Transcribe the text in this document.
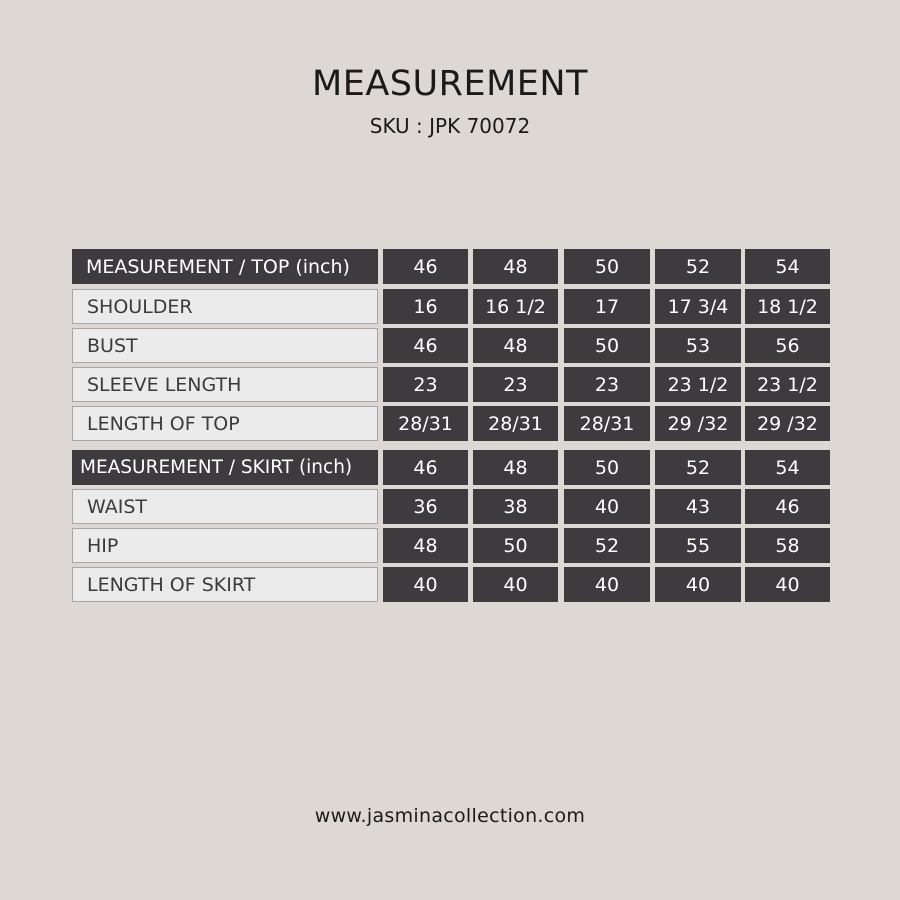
MEASUREMENT
SKU : JPK 70072
MEASUREMENT / TOP (inch)	46	48	50	52	54
SHOULDER	16	16 1/2	17	17 3/4	18 1/2
BUST	46	48	50	53	56
SLEEVE LENGTH	23	23	23	23 1/2	23 1/2
LENGTH OF TOP	28/31	28/31	28/31	29 /32	29 /32
MEASUREMENT / SKIRT (inch)	46	48	50	52	54
WAIST	36	38	40	43	46
HIP	48	50	52	55	58
LENGTH OF SKIRT	40	40	40	40	40
www.jasminacollection.com
